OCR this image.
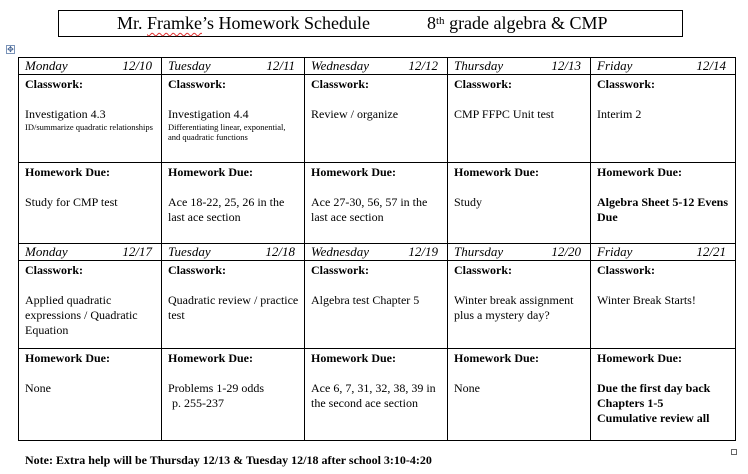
Mr. Framke’s Homework Schedule	8th grade algebra & CMP
✥
Monday 12/10	Tuesday 12/11	Wednesday 12/12	Thursday 12/13	Friday 12/14

Classwork:
Investigation 4.3
ID/summarize quadratic relationships	Classwork:
Investigation 4.4
Differentiating linear, exponential, and quadratic functions	Classwork:
Review / organize	Classwork:
CMP FFPC Unit test	Classwork:
Interim 2

Homework Due:
Study for CMP test	Homework Due:
Ace 18-22, 25, 26 in the last ace section	Homework Due:
Ace 27-30, 56, 57 in the last ace section	Homework Due:
Study	Homework Due:
Algebra Sheet 5-12 Evens Due

Monday 12/17	Tuesday 12/18	Wednesday 12/19	Thursday 12/20	Friday 12/21

Classwork:
Applied quadratic expressions / Quadratic Equation	Classwork:
Quadratic review / practice test	Classwork:
Algebra test Chapter 5	Classwork:
Winter break assignment plus a mystery day?	Classwork:
Winter Break Starts!

Homework Due:
None	Homework Due:
Problems 1-29 odds
p. 255-237	Homework Due:
Ace 6, 7, 31, 32, 38, 39 in the second ace section	Homework Due:
None	Homework Due:
Due the first day back
Chapters 1-5
Cumulative review all
Note: Extra help will be Thursday 12/13 & Tuesday 12/18 after school 3:10-4:20
